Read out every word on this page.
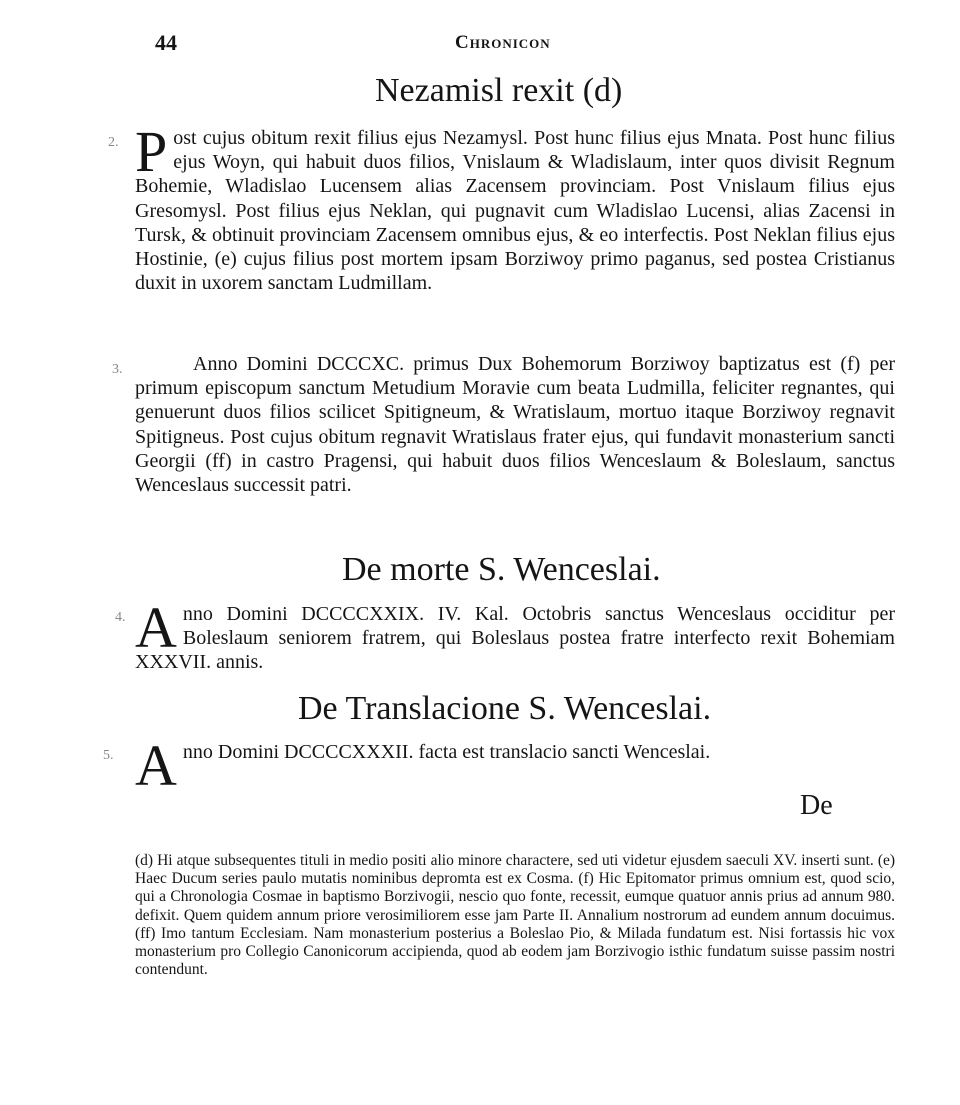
44	Chronicon
Nezamisl rexit (d)
2. P ost cujus obitum rexit filius ejus Nezamysl. Post hunc filius ejus Mnata. Post hunc filius ejus Woyn, qui habuit duos filios, Vnislaum & Wladislaum, inter quos divisit Regnum Bohemie, Wladislao Lucensem alias Zacensem provinciam. Post Vnislaum filius ejus Gresomysl. Post filius ejus Neklan, qui pugnavit cum Wladislao Lucensi, alias Zacensi in Tursk, & obtinuit provinciam Zacensem omnibus ejus, & eo interfectis. Post Neklan filius ejus Hostinie, (e) cujus filius post mortem ipsam Borziwoy primo paganus, sed postea Cristianus duxit in uxorem sanctam Ludmillam.
3.	Anno Domini DCCCXC. primus Dux Bohemorum Borziwoy baptizatus est (f) per primum episcopum sanctum Metudium Moravie cum beata Ludmilla, feliciter regnantes, qui genuerunt duos filios scilicet Spitigneum, & Wratislaum, mortuo itaque Borziwoy regnavit Spitigneus. Post cujus obitum regnavit Wratislaus frater ejus, qui fundavit monasterium sancti Georgii (ff) in castro Pragensi, qui habuit duos filios Wenceslaum & Boleslaum, sanctus Wenceslaus successit patri.
De morte S. Wenceslai.
4. A nno Domini DCCCCXXIX. IV. Kal. Octobris sanctus Wenceslaus occiditur per Boleslaum seniorem fratrem, qui Boleslaus postea fratre interfecto rexit Bohemiam XXXVII. annis.
De Translacione S. Wenceslai.
5. A nno Domini DCCCCXXXII. facta est translacio sancti Wenceslai.
De
(d) Hi atque subsequentes tituli in medio positi alio minore charactere, sed uti videtur ejusdem saeculi XV. inserti sunt. (e) Haec Ducum series paulo mutatis nominibus depromta est ex Cosma. (f) Hic Epitomator primus omnium est, quod scio, qui a Chronologia Cosmae in baptismo Borzivogii, nescio quo fonte, recessit, eumque quatuor annis prius ad annum 980. defixit. Quem quidem annum priore verosimiliorem esse jam Parte II. Annalium nostrorum ad eundem annum docuimus. (ff) Imo tantum Ecclesiam. Nam monasterium posterius a Boleslao Pio, & Milada fundatum est. Nisi fortassis hic vox monasterium pro Collegio Canonicorum accipienda, quod ab eodem jam Borzivogio isthic fundatum suisse passim nostri contendunt.
